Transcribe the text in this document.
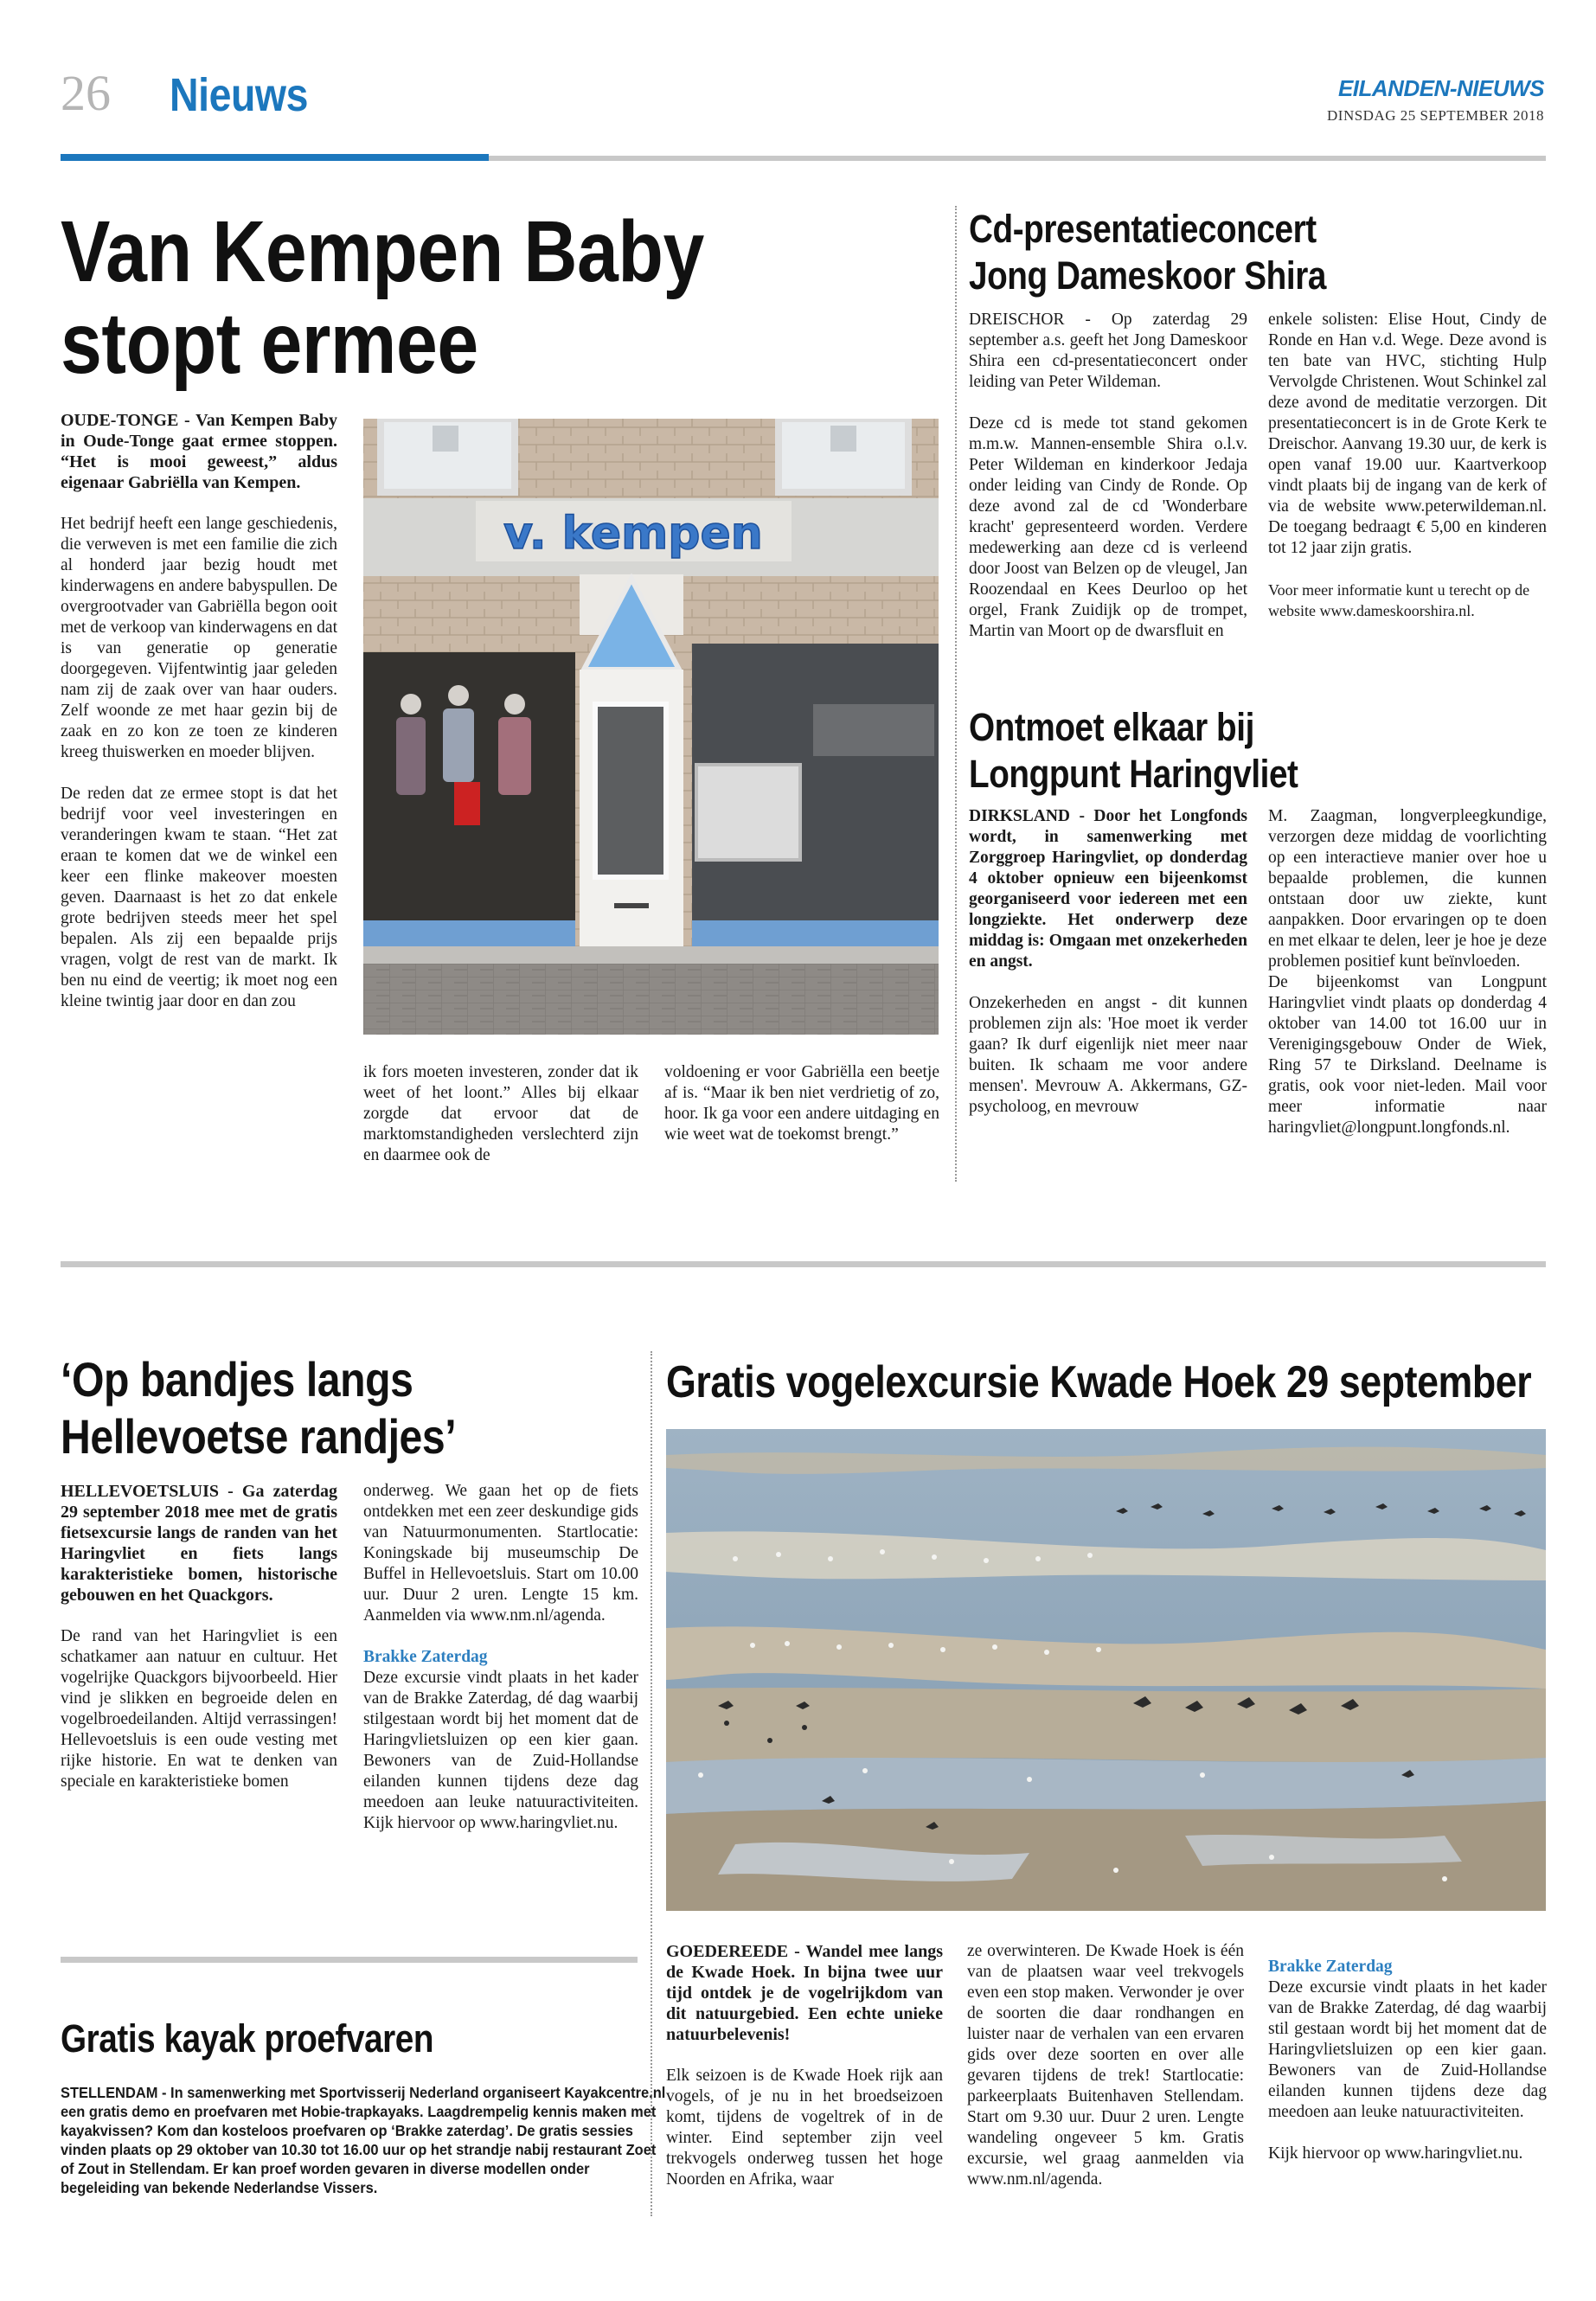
26 Nieuws	EILANDEN-NIEUWS
DINSDAG 25 SEPTEMBER 2018
Van Kempen Baby
stopt ermee

OUDE-TONGE - Van Kempen Baby in Oude-Tonge gaat ermee stoppen. “Het is mooi geweest,” aldus eigenaar Gabriëlla van Kempen.

Het bedrijf heeft een lange geschiedenis, die verweven is met een familie die zich al honderd jaar bezig houdt met kinderwagens en andere babyspullen. De overgrootvader van Gabriëlla begon ooit met de verkoop van kinderwagens en dat is van generatie op generatie doorgegeven. Vijfentwintig jaar geleden nam zij de zaak over van haar ouders. Zelf woonde ze met haar gezin bij de zaak en zo kon ze toen ze kinderen kreeg thuiswerken en moeder blijven.

De reden dat ze ermee stopt is dat het bedrijf voor veel investeringen en veranderingen kwam te staan. “Het zat eraan te komen dat we de winkel een keer een flinke makeover moesten geven. Daarnaast is het zo dat enkele grote bedrijven steeds meer het spel bepalen. Als zij een bepaalde prijs vragen, volgt de rest van de markt. Ik ben nu eind de veertig; ik moet nog een kleine twintig jaar door en dan zou

v. kempen
ik fors moeten investeren, zonder dat ik weet of het loont.” Alles bij elkaar zorgde dat ervoor dat de marktomstandigheden verslechterd zijn en daarmee ook de
voldoening er voor Gabriëlla een beetje af is. “Maar ik ben niet verdrietig of zo, hoor. Ik ga voor een andere uitdaging en wie weet wat de toekomst brengt.”
Cd-presentatieconcert
Jong Dameskoor Shira

DREISCHOR - Op zaterdag 29 september a.s. geeft het Jong Dameskoor Shira een cd-presentatieconcert onder leiding van Peter Wildeman.

Deze cd is mede tot stand gekomen m.m.w. Mannen-ensemble Shira o.l.v. Peter Wildeman en kinderkoor Jedaja onder leiding van Cindy de Ronde. Op deze avond zal de cd 'Wonderbare kracht' gepresenteerd worden. Verdere medewerking aan deze cd is verleend door Joost van Belzen op de vleugel, Jan Roozendaal en Kees Deurloo op het orgel, Frank Zuidijk op de trompet, Martin van Moort op de dwarsfluit en

enkele solisten: Elise Hout, Cindy de Ronde en Han v.d. Wege. Deze avond is ten bate van HVC, stichting Hulp Vervolgde Christenen. Wout Schinkel zal deze avond de meditatie verzorgen. Dit presentatieconcert is in de Grote Kerk te Dreischor. Aanvang 19.30 uur, de kerk is open vanaf 19.00 uur. Kaartverkoop vindt plaats bij de ingang van de kerk of via de website www.peterwildeman.nl. De toegang bedraagt € 5,00 en kinderen tot 12 jaar zijn gratis.

Voor meer informatie kunt u terecht op de website www.dameskoorshira.nl.

Ontmoet elkaar bij
Longpunt Haringvliet

DIRKSLAND - Door het Longfonds wordt, in samenwerking met Zorggroep Haringvliet, op donderdag 4 oktober opnieuw een bijeenkomst georganiseerd voor iedereen met een longziekte. Het onderwerp deze middag is: Omgaan met onzekerheden en angst.

Onzekerheden en angst - dit kunnen problemen zijn als: 'Hoe moet ik verder gaan? Ik durf eigenlijk niet meer naar buiten. Ik schaam me voor andere mensen'. Mevrouw A. Akkermans, GZ-psycholoog, en mevrouw

M. Zaagman, longverpleegkundige, verzorgen deze middag de voorlichting op een interactieve manier over hoe u bepaalde problemen, die kunnen ontstaan door uw ziekte, kunt aanpakken. Door ervaringen op te doen en met elkaar te delen, leer je hoe je deze problemen positief kunt beïnvloeden.

De bijeenkomst van Longpunt Haringvliet vindt plaats op donderdag 4 oktober van 14.00 tot 16.00 uur in Verenigingsgebouw Onder de Wiek, Ring 57 te Dirksland. Deelname is gratis, ook voor niet-leden. Mail voor meer informatie naar haringvliet@longpunt.longfonds.nl.

‘Op bandjes langs
Hellevoetse randjes’

HELLEVOETSLUIS - Ga zaterdag 29 september 2018 mee met de gratis fietsexcursie langs de randen van het Haringvliet en fiets langs karakteristieke bomen, historische gebouwen en het Quackgors.

De rand van het Haringvliet is een schatkamer aan natuur en cultuur. Het vogelrijke Quackgors bijvoorbeeld. Hier vind je slikken en begroeide delen en vogelbroedeilanden. Altijd verrassingen! Hellevoetsluis is een oude vesting met rijke historie. En wat te denken van speciale en karakteristieke bomen

onderweg. We gaan het op de fiets ontdekken met een zeer deskundige gids van Natuurmonumenten. Startlocatie: Koningskade bij museumschip De Buffel in Hellevoetsluis. Start om 10.00 uur. Duur 2 uren. Lengte 15 km. Aanmelden via www.nm.nl/agenda.

Brakke Zaterdag
Deze excursie vindt plaats in het kader van de Brakke Zaterdag, dé dag waarbij stilgestaan wordt bij het moment dat de Haringvlietsluizen op een kier gaan. Bewoners van de Zuid-Hollandse eilanden kunnen tijdens deze dag meedoen aan leuke natuuractiviteiten. Kijk hiervoor op www.haringvliet.nu.

Gratis vogelexcursie Kwade Hoek 29 september

GOEDEREEDE - Wandel mee langs de Kwade Hoek. In bijna twee uur tijd ontdek je de vogelrijkdom van dit natuurgebied. Een echte unieke natuurbelevenis!

Elk seizoen is de Kwade Hoek rijk aan vogels, of je nu in het broedseizoen komt, tijdens de vogeltrek of in de winter. Eind september zijn veel trekvogels onderweg tussen het hoge Noorden en Afrika, waar

ze overwinteren. De Kwade Hoek is één van de plaatsen waar veel trekvogels even een stop maken. Verwonder je over de soorten die daar rondhangen en luister naar de verhalen van een ervaren gids over deze soorten en over alle gevaren tijdens de trek! Startlocatie: parkeerplaats Buitenhaven Stellendam. Start om 9.30 uur. Duur 2 uren. Lengte wandeling ongeveer 5 km. Gratis excursie, wel graag aanmelden via www.nm.nl/agenda.

Brakke Zaterdag
Deze excursie vindt plaats in het kader van de Brakke Zaterdag, dé dag waarbij stil gestaan wordt bij het moment dat de Haringvlietsluizen op een kier gaan. Bewoners van de Zuid-Hollandse eilanden kunnen tijdens deze dag meedoen aan leuke natuuractiviteiten.

Kijk hiervoor op www.haringvliet.nu.

Gratis kayak proefvaren
STELLENDAM - In samenwerking met Sportvisserij Nederland organiseert Kayakcentre.nl een gratis demo en proefvaren met Hobie-trapkayaks. Laagdrempelig kennis maken met kayakvissen? Kom dan kosteloos proefvaren op ‘Brakke zaterdag’. De gratis sessies vinden plaats op 29 oktober van 10.30 tot 16.00 uur op het strandje nabij restaurant Zoet of Zout in Stellendam. Er kan proef worden gevaren in diverse modellen onder begeleiding van bekende Nederlandse Vissers.
